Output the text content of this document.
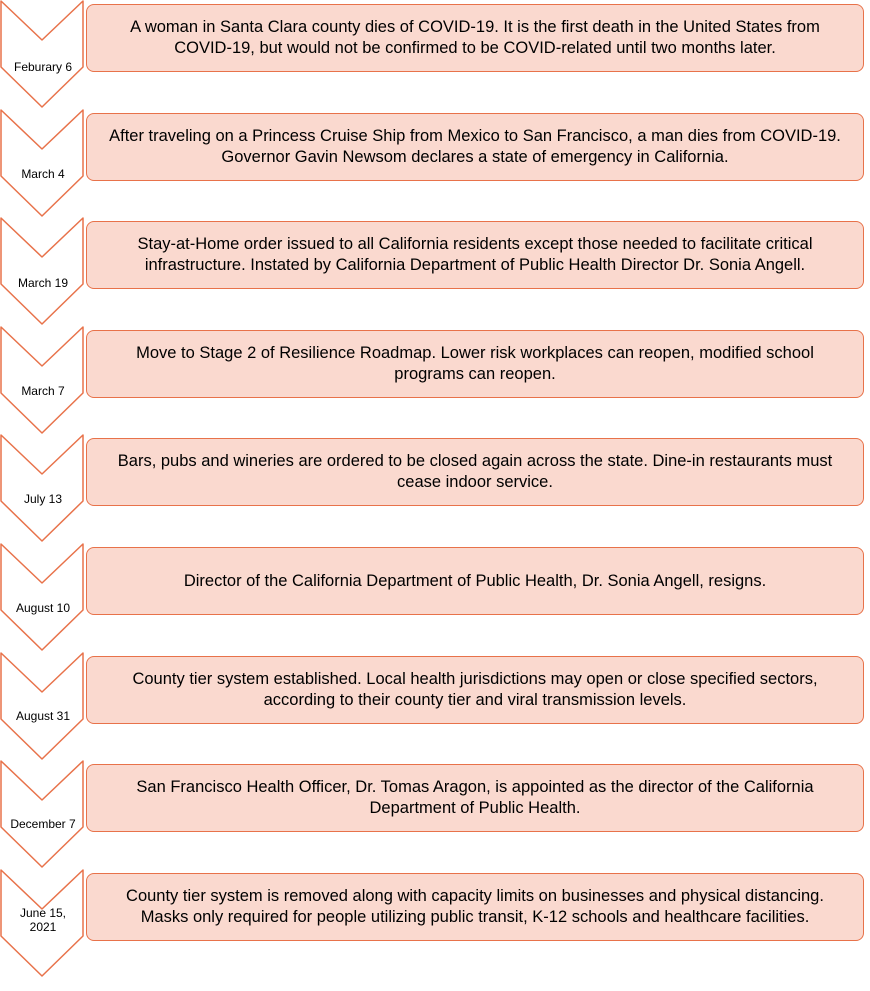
Feburary 6
A woman in Santa Clara county dies of COVID-19. It is the first death in the United States from COVID-19, but would not be confirmed to be COVID-related until two months later.
March 4
After traveling on a Princess Cruise Ship from Mexico to San Francisco, a man dies from COVID-19. Governor Gavin Newsom declares a state of emergency in California.
March 19
Stay-at-Home order issued to all California residents except those needed to facilitate critical infrastructure. Instated by California Department of Public Health Director Dr. Sonia Angell.
March 7
Move to Stage 2 of Resilience Roadmap. Lower risk workplaces can reopen, modified school programs can reopen.
July 13
Bars, pubs and wineries are ordered to be closed again across the state. Dine-in restaurants must cease indoor service.
August 10
Director of the California Department of Public Health, Dr. Sonia Angell, resigns.
August 31
County tier system established. Local health jurisdictions may open or close specified sectors, according to their county tier and viral transmission levels.
December 7
San Francisco Health Officer, Dr. Tomas Aragon, is appointed as the director of the California Department of Public Health.
June 15, 2021
County tier system is removed along with capacity limits on businesses and physical distancing. Masks only required for people utilizing public transit, K-12 schools and healthcare facilities.
